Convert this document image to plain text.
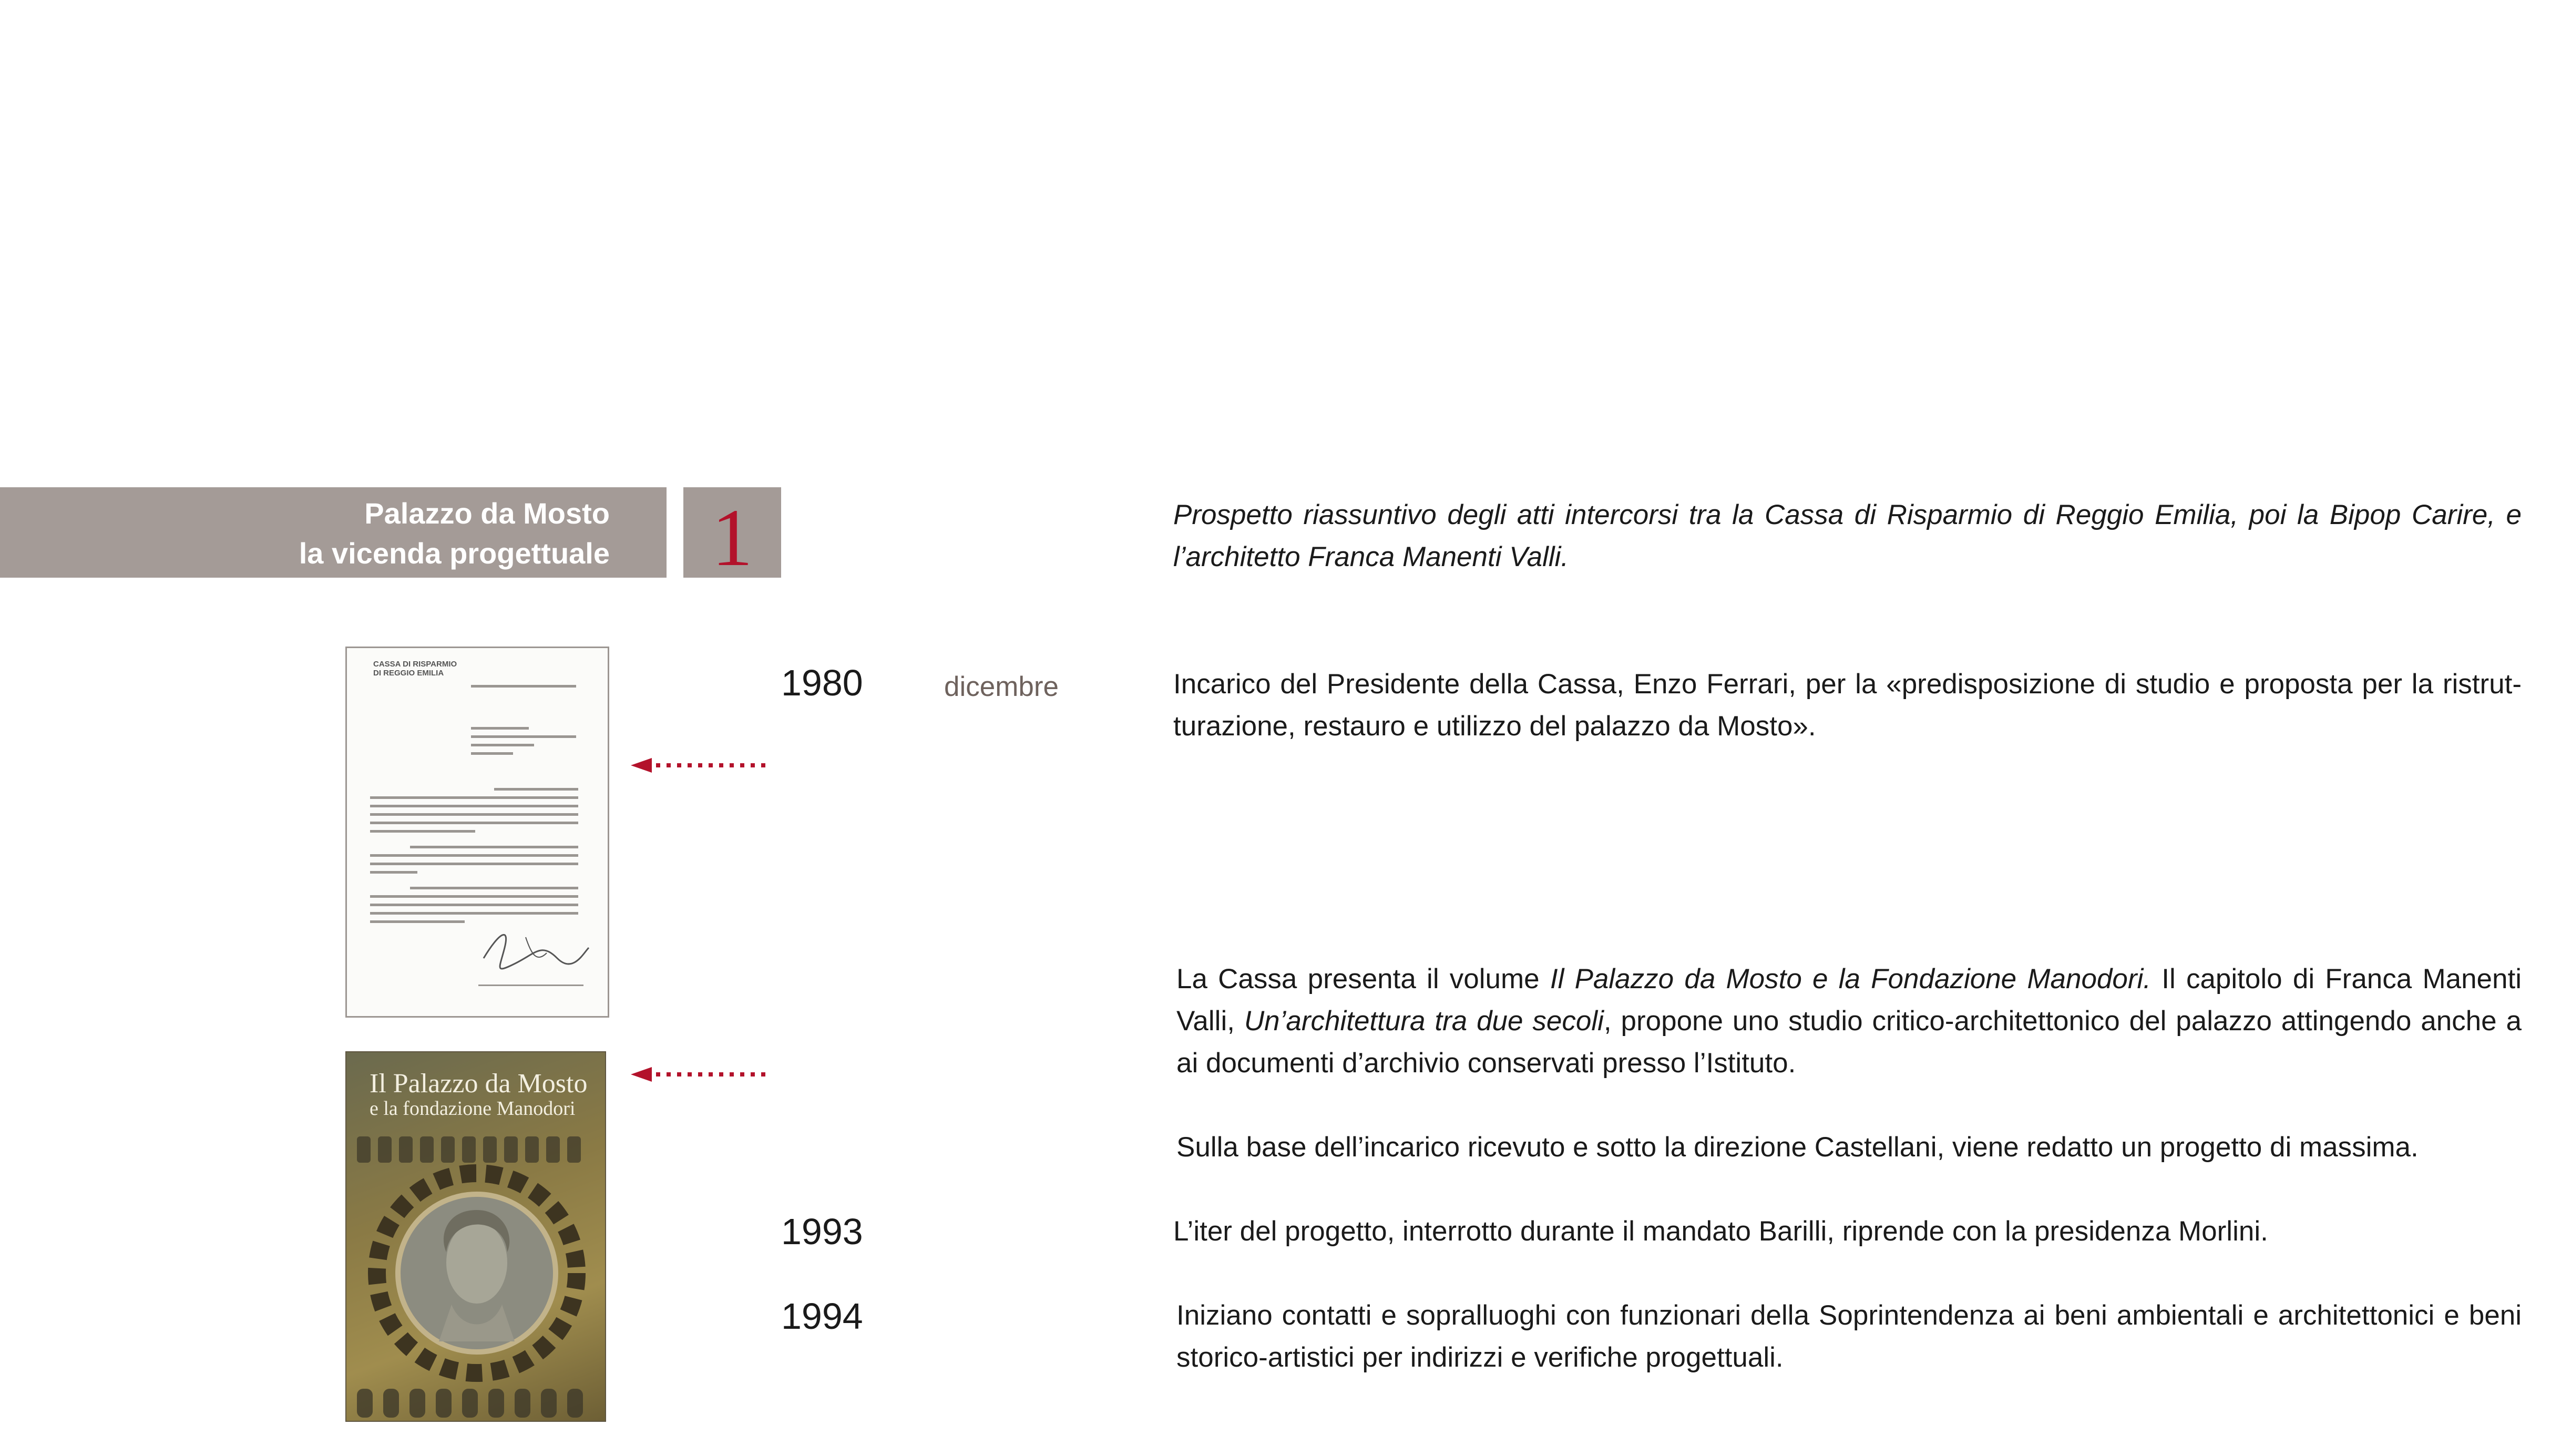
Palazzo da Mosto
la vicenda progettuale	1	Prospetto riassuntivo degli atti intercorsi tra la Cassa di Risparmio di Reggio Emilia, poi la Bipop Carire, e l’architetto Franca Manenti Valli.
1980	dicembre	Incarico del Presidente della Cassa, Enzo Ferrari, per la «predisposizione di studio e proposta per la ristrut-turazione, restauro e utilizzo del palazzo da Mosto».
La Cassa presenta il volume Il Palazzo da Mosto e la Fondazione Manodori. Il capitolo di Franca Manenti Valli, Un’architettura tra due secoli, propone uno studio critico-architettonico del palazzo attingendo anche a ai documenti d’archivio conservati presso l’Istituto.
Sulla base dell’incarico ricevuto e sotto la direzione Castellani, viene redatto un progetto di massima.
1993	L’iter del progetto, interrotto durante il mandato Barilli, riprende con la presidenza Morlini.
1994	Iniziano contatti e sopralluoghi con funzionari della Soprintendenza ai beni ambientali e architettonici e beni storico-artistici per indirizzi e verifiche progettuali.
CASSA DI RISPARMIO
DI REGGIO EMILIA
Il Palazzo da Mosto
e la fondazione Manodori
